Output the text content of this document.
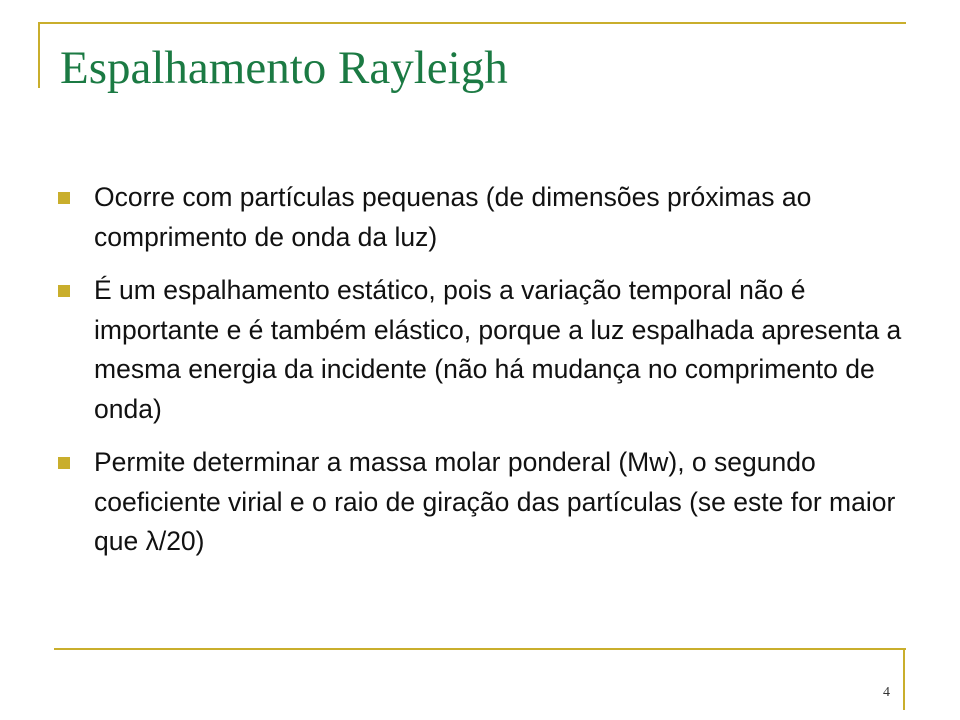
Espalhamento Rayleigh
Ocorre com partículas pequenas (de dimensões próximas ao comprimento de onda da luz)
É um espalhamento estático, pois a variação temporal não é importante e é também elástico, porque a luz espalhada apresenta a mesma energia da incidente (não há mudança no comprimento de onda)
Permite determinar a massa molar ponderal (Mw), o segundo coeficiente virial e o raio de giração das partículas (se este for maior que λ/20)
4
